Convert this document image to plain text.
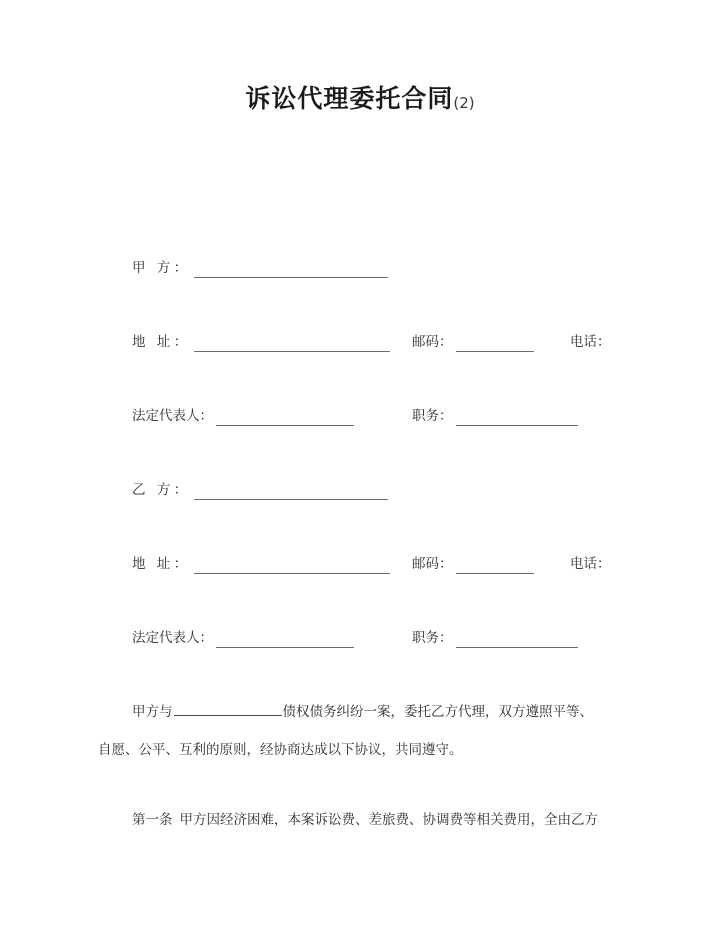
诉讼代理委托合同(2)
甲 方：
地 址：	邮码：	电话：
法定代表人：	职务：
乙 方：
地 址：	邮码：	电话：
法定代表人：	职务：
甲方与	债权债务纠纷一案，委托乙方代理，双方遵照平等、
自愿、公平、互利的原则，经协商达成以下协议，共同遵守。
第一条 甲方因经济困难，本案诉讼费、差旅费、协调费等相关费用，全由乙方
